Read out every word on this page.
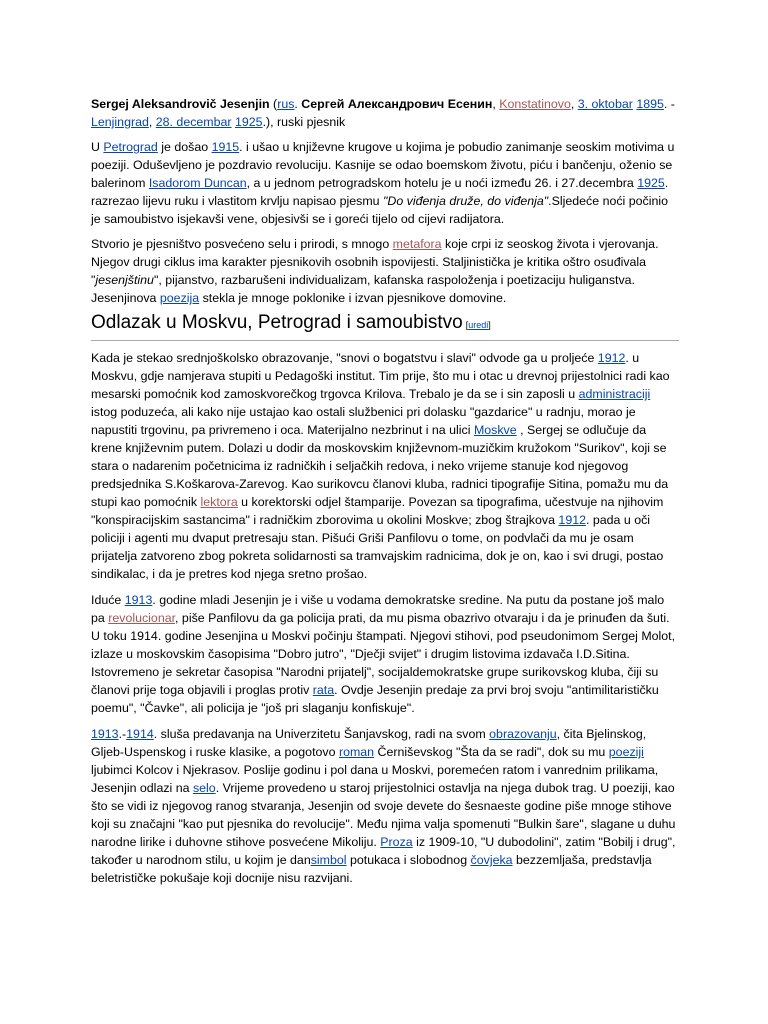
Sergej Aleksandrovič Jesenjin (rus. Сергей Александрович Есенин, Konstatinovo, 3. oktobar 1895. - Lenjingrad, 28. decembar 1925.), ruski pjesnik

U Petrograd je došao 1915. i ušao u književne krugove u kojima je pobudio zanimanje seoskim motivima u poeziji. Oduševljeno je pozdravio revoluciju. Kasnije se odao boemskom životu, piću i bančenju, oženio se balerinom Isadorom Duncan, a u jednom petrogradskom hotelu je u noći između 26. i 27.decembra 1925. razrezao lijevu ruku i vlastitom krvlju napisao pjesmu "Do viđenja druže, do viđenja".Sljedeće noći počinio je samoubistvo isjekavši vene, objesivši se i goreći tijelo od cijevi radijatora.

Stvorio je pjesništvo posvećeno selu i prirodi, s mnogo metafora koje crpi iz seoskog života i vjerovanja. Njegov drugi ciklus ima karakter pjesnikovih osobnih ispovijesti. Staljinistička je kritika oštro osuđivala "jesenjštinu", pijanstvo, razbarušeni individualizam, kafanska raspoloženja i poetizaciju huliganstva. Jesenjinova poezija stekla je mnoge poklonike i izvan pjesnikove domovine.

Odlazak u Moskvu, Petrograd i samoubistvo [uredi]

Kada je stekao srednjoškolsko obrazovanje, "snovi o bogatstvu i slavi" odvode ga u proljeće 1912. u Moskvu, gdje namjerava stupiti u Pedagoški institut. Tim prije, što mu i otac u drevnoj prijestolnici radi kao mesarski pomoćnik kod zamoskvorečkog trgovca Krilova. Trebalo je da se i sin zaposli u administraciji istog poduzeća, ali kako nije ustajao kao ostali službenici pri dolasku "gazdarice" u radnju, morao je napustiti trgovinu, pa privremeno i oca. Materijalno nezbrinut i na ulici Moskve , Sergej se odlučuje da krene književnim putem. Dolazi u dodir da moskovskim književnom-muzičkim kružokom "Surikov", koji se stara o nadarenim početnicima iz radničkih i seljačkih redova, i neko vrijeme stanuje kod njegovog predsjednika S.Koškarova-Zarevog. Kao surikovcu članovi kluba, radnici tipografije Sitina, pomažu mu da stupi kao pomoćnik lektora u korektorski odjel štamparije. Povezan sa tipografima, učestvuje na njihovim "konspiracijskim sastancima" i radničkim zborovima u okolini Moskve; zbog štrajkova 1912. pada u oči policiji i agenti mu dvaput pretresaju stan. Pišući Griši Panfilovu o tome, on podvlači da mu je osam prijatelja zatvoreno zbog pokreta solidarnosti sa tramvajskim radnicima, dok je on, kao i svi drugi, postao sindikalac, i da je pretres kod njega sretno prošao.

Iduće 1913. godine mladi Jesenjin je i više u vodama demokratske sredine. Na putu da postane još malo pa revolucionar, piše Panfilovu da ga policija prati, da mu pisma obazrivo otvaraju i da je prinuđen da šuti. U toku 1914. godine Jesenjina u Moskvi počinju štampati. Njegovi stihovi, pod pseudonimom Sergej Molot, izlaze u moskovskim časopisima "Dobro jutro", "Dječji svijet" i drugim listovima izdavača I.D.Sitina. Istovremeno je sekretar časopisa "Narodni prijatelj", socijaldemokratske grupe surikovskog kluba, čiji su članovi prije toga objavili i proglas protiv rata. Ovdje Jesenjin predaje za prvi broj svoju "antimilitarističku poemu", "Čavke", ali policija je "još pri slaganju konfiskuje".

1913.-1914. sluša predavanja na Univerzitetu Šanjavskog, radi na svom obrazovanju, čita Bjelinskog, Gljeb-Uspenskog i ruske klasike, a pogotovo roman Černiševskog "Šta da se radi", dok su mu poeziji ljubimci Kolcov i Njekrasov. Poslije godinu i pol dana u Moskvi, poremećen ratom i vanrednim prilikama, Jesenjin odlazi na selo. Vrijeme provedeno u staroj prijestolnici ostavlja na njega dubok trag. U poeziji, kao što se vidi iz njegovog ranog stvaranja, Jesenjin od svoje devete do šesnaeste godine piše mnoge stihove koji su značajni "kao put pjesnika do revolucije". Među njima valja spomenuti "Bulkin šare", slagane u duhu narodne lirike i duhovne stihove posvećene Mikoliju. Proza iz 1909-10, "U dubodolini", zatim "Bobilj i drug", također u narodnom stilu, u kojim je dansimbol potukaca i slobodnog čovjeka bezzemljaša, predstavlja beletrističke pokušaje koji docnije nisu razvijani.
